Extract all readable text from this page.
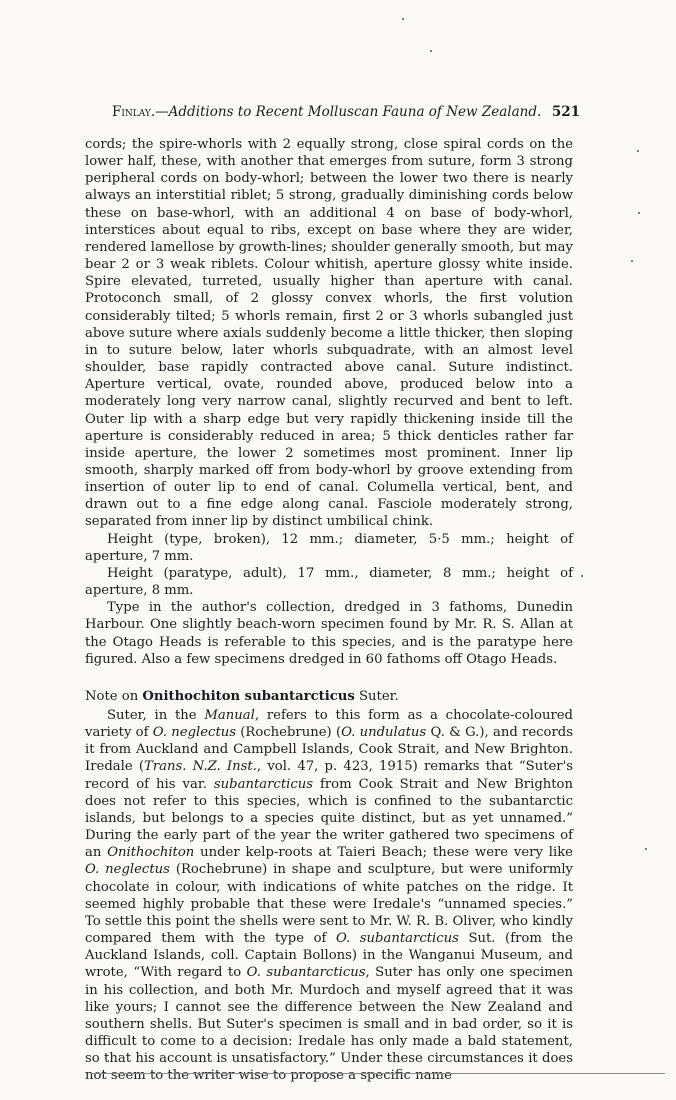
Finlay.—Additions to Recent Molluscan Fauna of New Zealand. 521

cords; the spire-whorls with 2 equally strong, close spiral cords on the lower half, these, with another that emerges from suture, form 3 strong peripheral cords on body-whorl; between the lower two there is nearly always an interstitial riblet; 5 strong, gradually diminishing cords below these on base-whorl, with an additional 4 on base of body-whorl, interstices about equal to ribs, except on base where they are wider, rendered lamellose by growth-lines; shoulder generally smooth, but may bear 2 or 3 weak riblets. Colour whitish, aperture glossy white inside. Spire elevated, turreted, usually higher than aperture with canal. Protoconch small, of 2 glossy convex whorls, the first volution considerably tilted; 5 whorls remain, first 2 or 3 whorls subangled just above suture where axials suddenly become a little thicker, then sloping in to suture below, later whorls subquadrate, with an almost level shoulder, base rapidly contracted above canal. Suture indistinct. Aperture vertical, ovate, rounded above, produced below into a moderately long very narrow canal, slightly recurved and bent to left. Outer lip with a sharp edge but very rapidly thickening inside till the aperture is considerably reduced in area; 5 thick denticles rather far inside aperture, the lower 2 sometimes most prominent. Inner lip smooth, sharply marked off from body-whorl by groove extending from insertion of outer lip to end of canal. Columella vertical, bent, and drawn out to a fine edge along canal. Fasciole moderately strong, separated from inner lip by distinct umbilical chink.

Height (type, broken), 12 mm.; diameter, 5·5 mm.; height of aperture, 7 mm.

Height (paratype, adult), 17 mm., diameter, 8 mm.; height of aperture, 8 mm.

Type in the author's collection, dredged in 3 fathoms, Dunedin Harbour. One slightly beach-worn specimen found by Mr. R. S. Allan at the Otago Heads is referable to this species, and is the paratype here figured. Also a few specimens dredged in 60 fathoms off Otago Heads.

Note on Onithochiton subantarcticus Suter.

Suter, in the Manual, refers to this form as a chocolate-coloured variety of O. neglectus (Rochebrune) (O. undulatus Q. & G.), and records it from Auckland and Campbell Islands, Cook Strait, and New Brighton. Iredale (Trans. N.Z. Inst., vol. 47, p. 423, 1915) remarks that “Suter's record of his var. subantarcticus from Cook Strait and New Brighton does not refer to this species, which is confined to the subantarctic islands, but belongs to a species quite distinct, but as yet unnamed.” During the early part of the year the writer gathered two specimens of an Onithochiton under kelp-roots at Taieri Beach; these were very like O. neglectus (Rochebrune) in shape and sculpture, but were uniformly chocolate in colour, with indications of white patches on the ridge. It seemed highly probable that these were Iredale's “unnamed species.” To settle this point the shells were sent to Mr. W. R. B. Oliver, who kindly compared them with the type of O. subantarcticus Sut. (from the Auckland Islands, coll. Captain Bollons) in the Wanganui Museum, and wrote, “With regard to O. subantarcticus, Suter has only one specimen in his collection, and both Mr. Murdoch and myself agreed that it was like yours; I cannot see the difference between the New Zealand and southern shells. But Suter's specimen is small and in bad order, so it is difficult to come to a decision: Iredale has only made a bald statement, so that his account is unsatisfactory.” Under these circumstances it does not seem to the writer wise to propose a specific name
